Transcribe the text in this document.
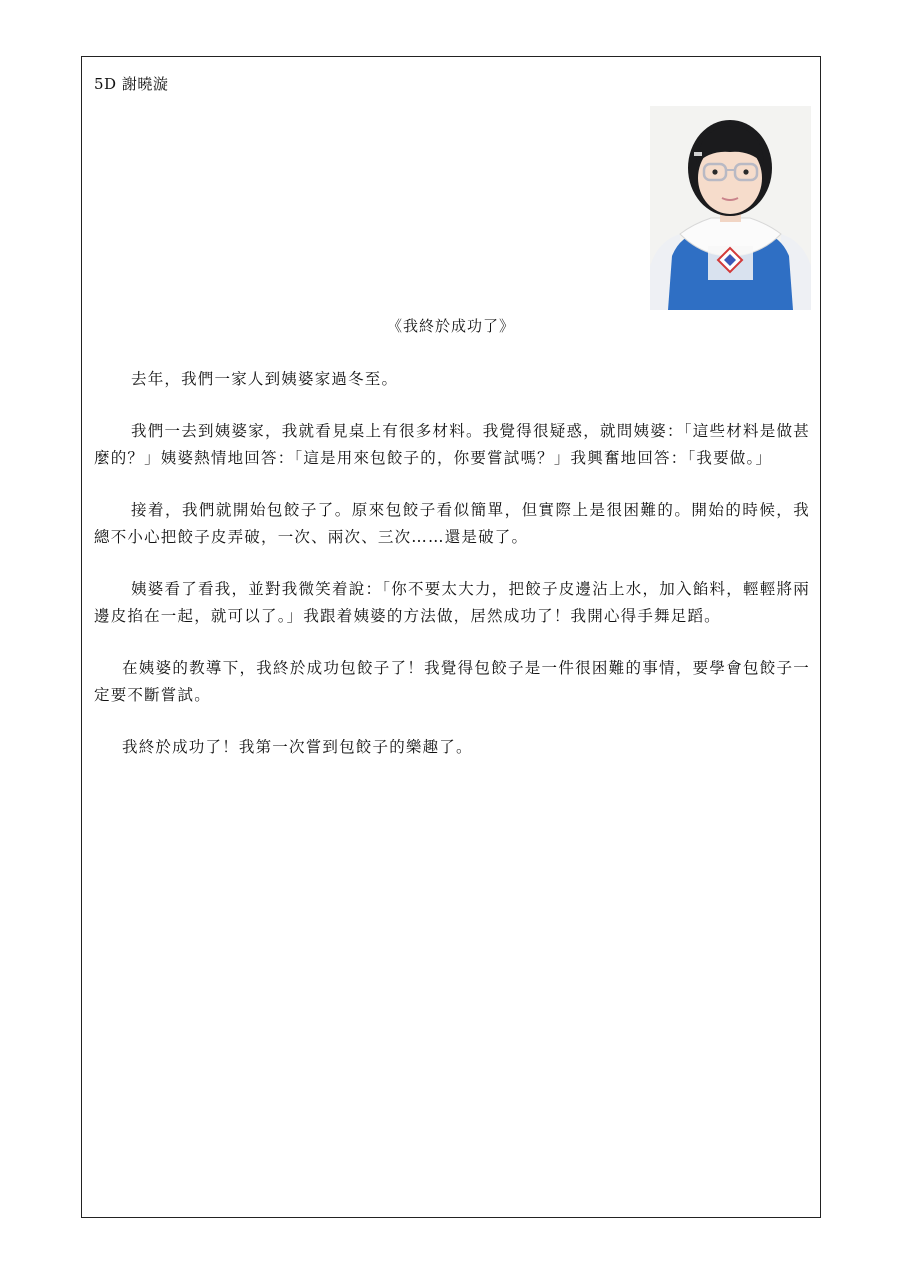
5D 謝曉漩
《我終於成功了》

去年，我們一家人到姨婆家過冬至。

我們一去到姨婆家，我就看見桌上有很多材料。我覺得很疑惑，就問姨婆：「這些材料是做甚麼的？」姨婆熱情地回答：「這是用來包餃子的，你要嘗試嗎？」我興奮地回答：「我要做。」

接着，我們就開始包餃子了。原來包餃子看似簡單，但實際上是很困難的。開始的時候，我總不小心把餃子皮弄破，一次、兩次、三次……還是破了。

姨婆看了看我，並對我微笑着說：「你不要太大力，把餃子皮邊沾上水，加入餡料，輕輕將兩邊皮掐在一起，就可以了。」我跟着姨婆的方法做，居然成功了！我開心得手舞足蹈。

在姨婆的教導下，我終於成功包餃子了！我覺得包餃子是一件很困難的事情，要學會包餃子一定要不斷嘗試。

我終於成功了！我第一次嘗到包餃子的樂趣了。
